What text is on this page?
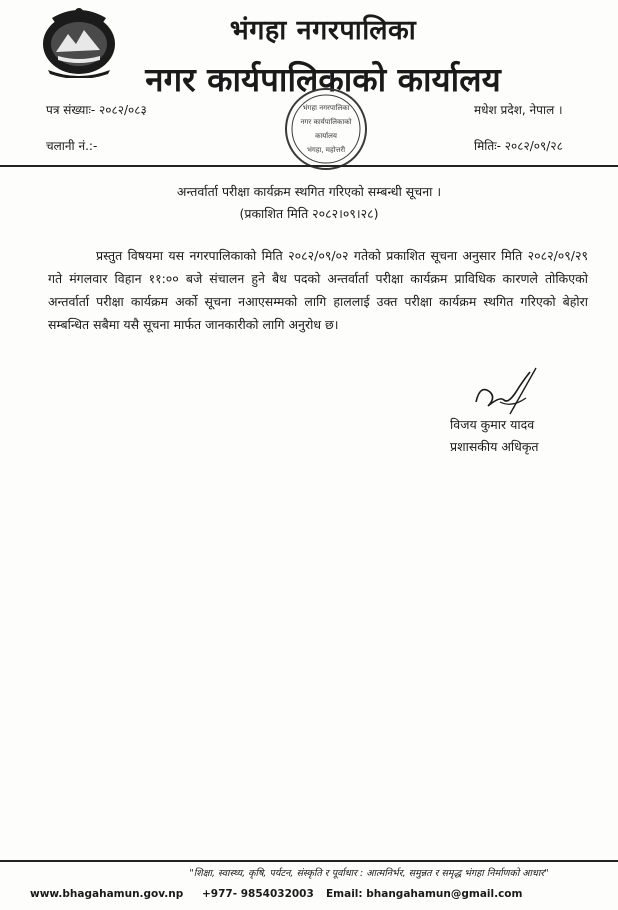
भंगहा नगरपालिका
नगर कार्यपालिकाको कार्यालय
पत्र संख्याः- २०८२/०८३
चलानी नं.:-
मधेश प्रदेश, नेपाल ।
मितिः- २०८२/०९/२८
भंगहा नगरपालिका
नगर कार्यपालिकाको
कार्यालय
भंगहा, महोत्तरी
अन्तर्वार्ता परीक्षा कार्यक्रम स्थगित गरिएको सम्बन्धी सूचना ।
(प्रकाशित मिति २०८२।०९।२८)

प्रस्तुत विषयमा यस नगरपालिकाको मिति २०८२/०९/०२ गतेको प्रकाशित सूचना अनुसार मिति २०८२/०९/२९ गते मंगलवार विहान ११:०० बजे संचालन हुने बैध पदको अन्तर्वार्ता परीक्षा कार्यक्रम प्राविधिक कारणले तोकिएको अन्तर्वार्ता परीक्षा कार्यक्रम अर्को सूचना नआएसम्मको लागि हाललाई उक्त परीक्षा कार्यक्रम स्थगित गरिएको बेहोरा सम्बन्धित सबैमा यसै सूचना मार्फत जानकारीको लागि अनुरोध छ।

विजय कुमार यादव
प्रशासकीय अधिकृत
"शिक्षा, स्वास्थ्य, कृषि, पर्यटन, संस्कृति र पूर्वाधार : आत्मनिर्भर, समुन्नत र समृद्ध भंगहा निर्माणको आधार"
www.bhagahamun.gov.np +977- 9854032003 Email: bhangahamun@gmail.com
